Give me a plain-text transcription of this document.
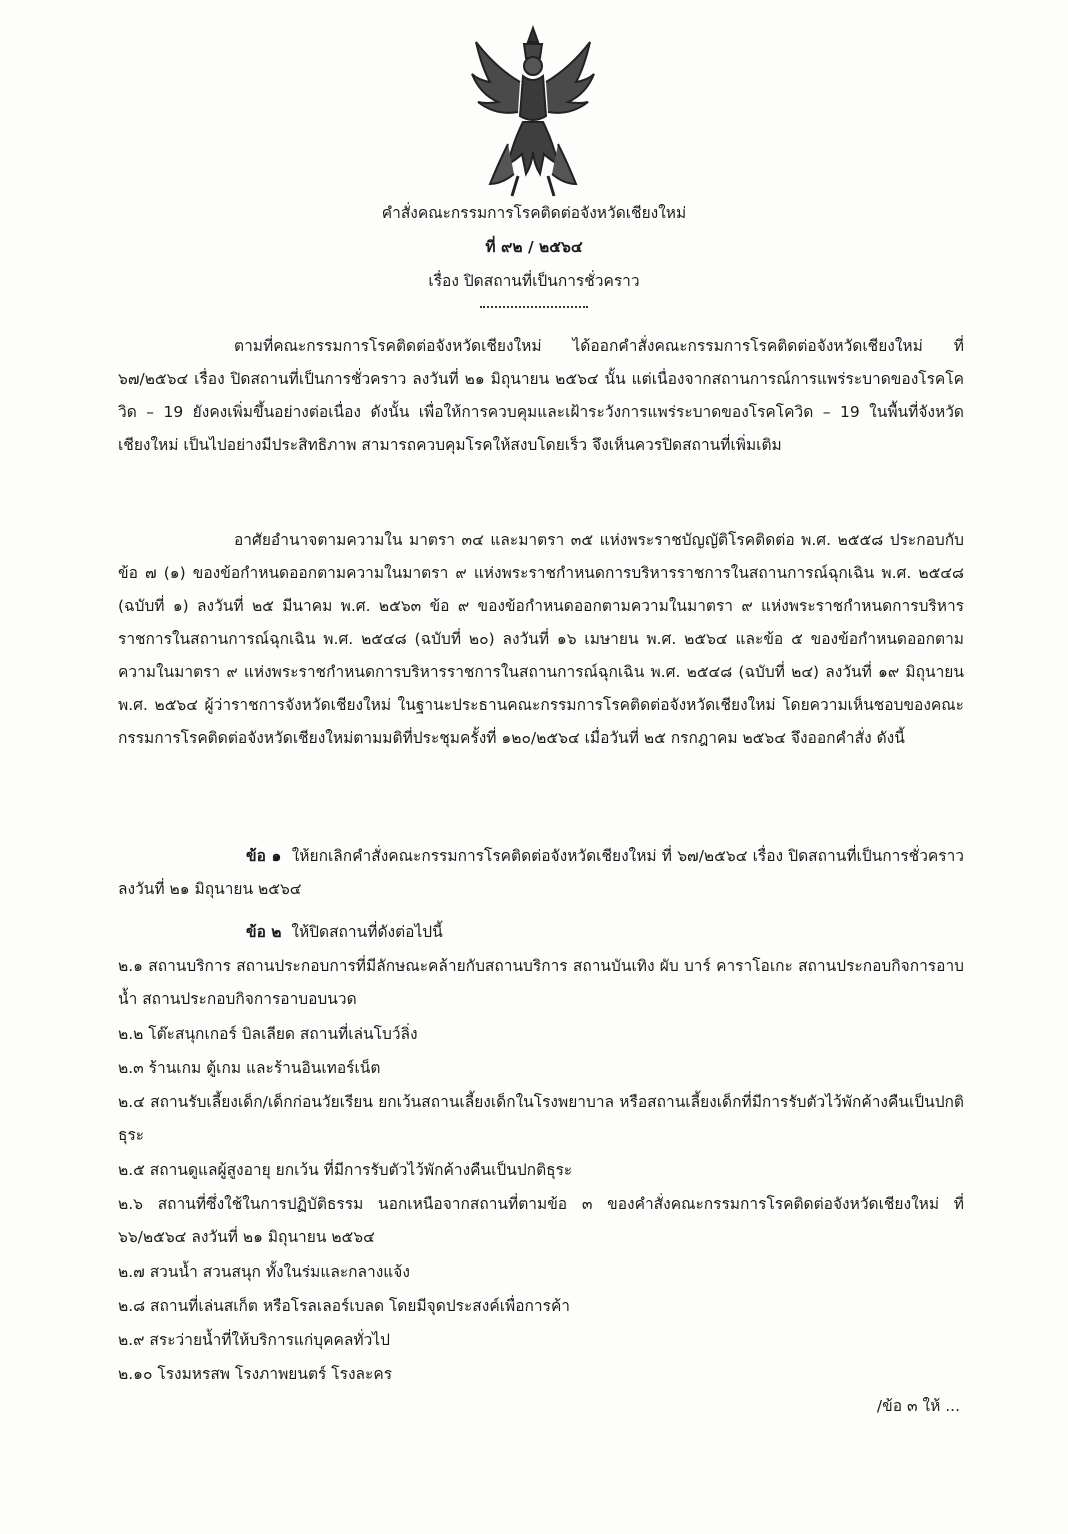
คำสั่งคณะกรรมการโรคติดต่อจังหวัดเชียงใหม่
ที่ ๙๒ / ๒๕๖๔
เรื่อง ปิดสถานที่เป็นการชั่วคราว
ตามที่คณะกรรมการโรคติดต่อจังหวัดเชียงใหม่ ได้ออกคำสั่งคณะกรรมการโรคติดต่อจังหวัดเชียงใหม่ ที่ ๖๗/๒๕๖๔ เรื่อง ปิดสถานที่เป็นการชั่วคราว ลงวันที่ ๒๑ มิถุนายน ๒๕๖๔ นั้น แต่เนื่องจากสถานการณ์การแพร่ระบาดของโรคโควิด – 19 ยังคงเพิ่มขึ้นอย่างต่อเนื่อง ดังนั้น เพื่อให้การควบคุมและเฝ้าระวังการแพร่ระบาดของโรคโควิด – 19 ในพื้นที่จังหวัดเชียงใหม่ เป็นไปอย่างมีประสิทธิภาพ สามารถควบคุมโรคให้สงบโดยเร็ว จึงเห็นควรปิดสถานที่เพิ่มเติม
อาศัยอำนาจตามความใน มาตรา ๓๔ และมาตรา ๓๕ แห่งพระราชบัญญัติโรคติดต่อ พ.ศ. ๒๕๕๘ ประกอบกับข้อ ๗ (๑) ของข้อกำหนดออกตามความในมาตรา ๙ แห่งพระราชกำหนดการบริหารราชการในสถานการณ์ฉุกเฉิน พ.ศ. ๒๕๔๘ (ฉบับที่ ๑) ลงวันที่ ๒๕ มีนาคม พ.ศ. ๒๕๖๓ ข้อ ๙ ของข้อกำหนดออกตามความในมาตรา ๙ แห่งพระราชกำหนดการบริหารราชการในสถานการณ์ฉุกเฉิน พ.ศ. ๒๕๔๘ (ฉบับที่ ๒๐) ลงวันที่ ๑๖ เมษายน พ.ศ. ๒๕๖๔ และข้อ ๕ ของข้อกำหนดออกตามความในมาตรา ๙ แห่งพระราชกำหนดการบริหารราชการในสถานการณ์ฉุกเฉิน พ.ศ. ๒๕๔๘ (ฉบับที่ ๒๔) ลงวันที่ ๑๙ มิถุนายน พ.ศ. ๒๕๖๔ ผู้ว่าราชการจังหวัดเชียงใหม่ ในฐานะประธานคณะกรรมการโรคติดต่อจังหวัดเชียงใหม่ โดยความเห็นชอบของคณะกรรมการโรคติดต่อจังหวัดเชียงใหม่ตามมติที่ประชุมครั้งที่ ๑๒๐/๒๕๖๔ เมื่อวันที่ ๒๕ กรกฎาคม ๒๕๖๔ จึงออกคำสั่ง ดังนี้
ข้อ ๑ ให้ยกเลิกคำสั่งคณะกรรมการโรคติดต่อจังหวัดเชียงใหม่ ที่ ๖๗/๒๕๖๔ เรื่อง ปิดสถานที่เป็นการชั่วคราว ลงวันที่ ๒๑ มิถุนายน ๒๕๖๔
ข้อ ๒ ให้ปิดสถานที่ดังต่อไปนี้
๒.๑ สถานบริการ สถานประกอบการที่มีลักษณะคล้ายกับสถานบริการ สถานบันเทิง ผับ บาร์ คาราโอเกะ สถานประกอบกิจการอาบน้ำ สถานประกอบกิจการอาบอบนวด
๒.๒ โต๊ะสนุกเกอร์ บิลเลียด สถานที่เล่นโบว์ลิ่ง
๒.๓ ร้านเกม ตู้เกม และร้านอินเทอร์เน็ต
๒.๔ สถานรับเลี้ยงเด็ก/เด็กก่อนวัยเรียน ยกเว้นสถานเลี้ยงเด็กในโรงพยาบาล หรือสถานเลี้ยงเด็กที่มีการรับตัวไว้พักค้างคืนเป็นปกติธุระ
๒.๕ สถานดูแลผู้สูงอายุ ยกเว้น ที่มีการรับตัวไว้พักค้างคืนเป็นปกติธุระ
๒.๖ สถานที่ซึ่งใช้ในการปฏิบัติธรรม นอกเหนือจากสถานที่ตามข้อ ๓ ของคำสั่งคณะกรรมการโรคติดต่อจังหวัดเชียงใหม่ ที่ ๖๖/๒๕๖๔ ลงวันที่ ๒๑ มิถุนายน ๒๕๖๔
๒.๗ สวนน้ำ สวนสนุก ทั้งในร่มและกลางแจ้ง
๒.๘ สถานที่เล่นสเก็ต หรือโรลเลอร์เบลด โดยมีจุดประสงค์เพื่อการค้า
๒.๙ สระว่ายน้ำที่ให้บริการแก่บุคคลทั่วไป
๒.๑๐ โรงมหรสพ โรงภาพยนตร์ โรงละคร
/ข้อ ๓ ให้ ...
